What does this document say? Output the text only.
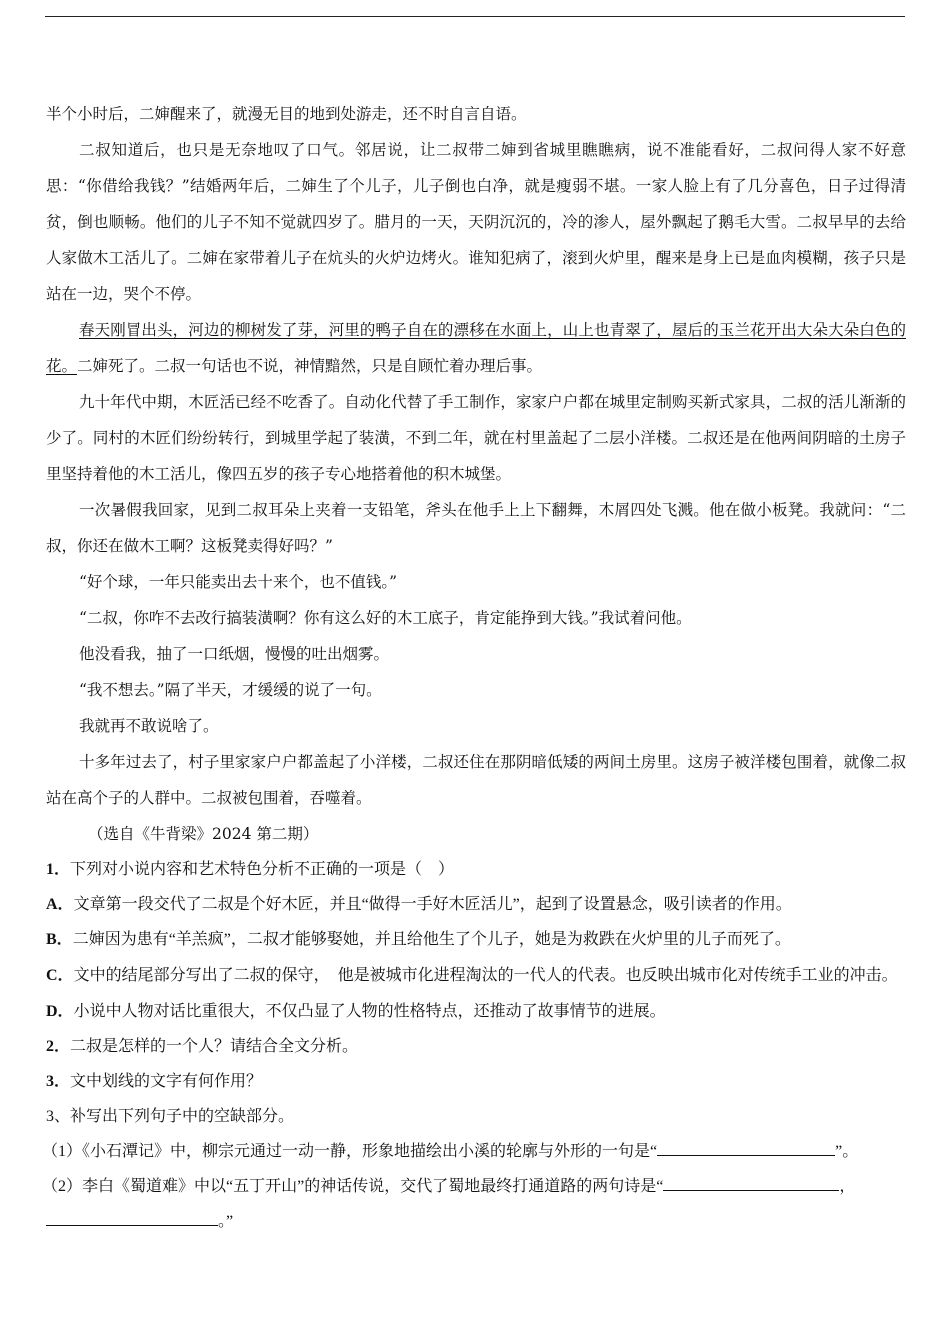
半个小时后，二婶醒来了，就漫无目的地到处游走，还不时自言自语。

二叔知道后，也只是无奈地叹了口气。邻居说，让二叔带二婶到省城里瞧瞧病，说不准能看好，二叔问得人家不好意思：“你借给我钱？”结婚两年后，二婶生了个儿子，儿子倒也白净，就是瘦弱不堪。一家人脸上有了几分喜色，日子过得清贫，倒也顺畅。他们的儿子不知不觉就四岁了。腊月的一天，天阴沉沉的，冷的渗人，屋外飘起了鹅毛大雪。二叔早早的去给人家做木工活儿了。二婶在家带着儿子在炕头的火炉边烤火。谁知犯病了，滚到火炉里，醒来是身上已是血肉模糊，孩子只是站在一边，哭个不停。

春天刚冒出头，河边的柳树发了芽，河里的鸭子自在的漂移在水面上，山上也青翠了，屋后的玉兰花开出大朵大朵白色的花。二婶死了。二叔一句话也不说，神情黯然，只是自顾忙着办理后事。

九十年代中期，木匠活已经不吃香了。自动化代替了手工制作，家家户户都在城里定制购买新式家具，二叔的活儿渐渐的少了。同村的木匠们纷纷转行，到城里学起了装潢，不到二年，就在村里盖起了二层小洋楼。二叔还是在他两间阴暗的土房子里坚持着他的木工活儿，像四五岁的孩子专心地搭着他的积木城堡。

一次暑假我回家，见到二叔耳朵上夹着一支铅笔，斧头在他手上上下翻舞，木屑四处飞溅。他在做小板凳。我就问：“二叔，你还在做木工啊？这板凳卖得好吗？”

“好个球，一年只能卖出去十来个，也不值钱。”

“二叔，你咋不去改行搞装潢啊？你有这么好的木工底子，肯定能挣到大钱。”我试着问他。

他没看我，抽了一口纸烟，慢慢的吐出烟雾。

“我不想去。”隔了半天，才缓缓的说了一句。

我就再不敢说啥了。

十多年过去了，村子里家家户户都盖起了小洋楼，二叔还住在那阴暗低矮的两间土房里。这房子被洋楼包围着，就像二叔站在高个子的人群中。二叔被包围着，吞噬着。

（选自《牛背梁》2024 第二期）

1．下列对小说内容和艺术特色分析不正确的一项是（　）

A．文章第一段交代了二叔是个好木匠，并且“做得一手好木匠活儿”，起到了设置悬念，吸引读者的作用。

B．二婶因为患有“羊羔疯”，二叔才能够娶她，并且给他生了个儿子，她是为救跌在火炉里的儿子而死了。

C．文中的结尾部分写出了二叔的保守，　他是被城市化进程淘汰的一代人的代表。也反映出城市化对传统手工业的冲击。

D．小说中人物对话比重很大，不仅凸显了人物的性格特点，还推动了故事情节的进展。

2．二叔是怎样的一个人？请结合全文分析。

3．文中划线的文字有何作用？

3、补写出下列句子中的空缺部分。

（1）《小石潭记》中，柳宗元通过一动一静，形象地描绘出小溪的轮廓与外形的一句是“	”。

（2）李白《蜀道难》中以“五丁开山”的神话传说，交代了蜀地最终打通道路的两句诗是“	，

。”
